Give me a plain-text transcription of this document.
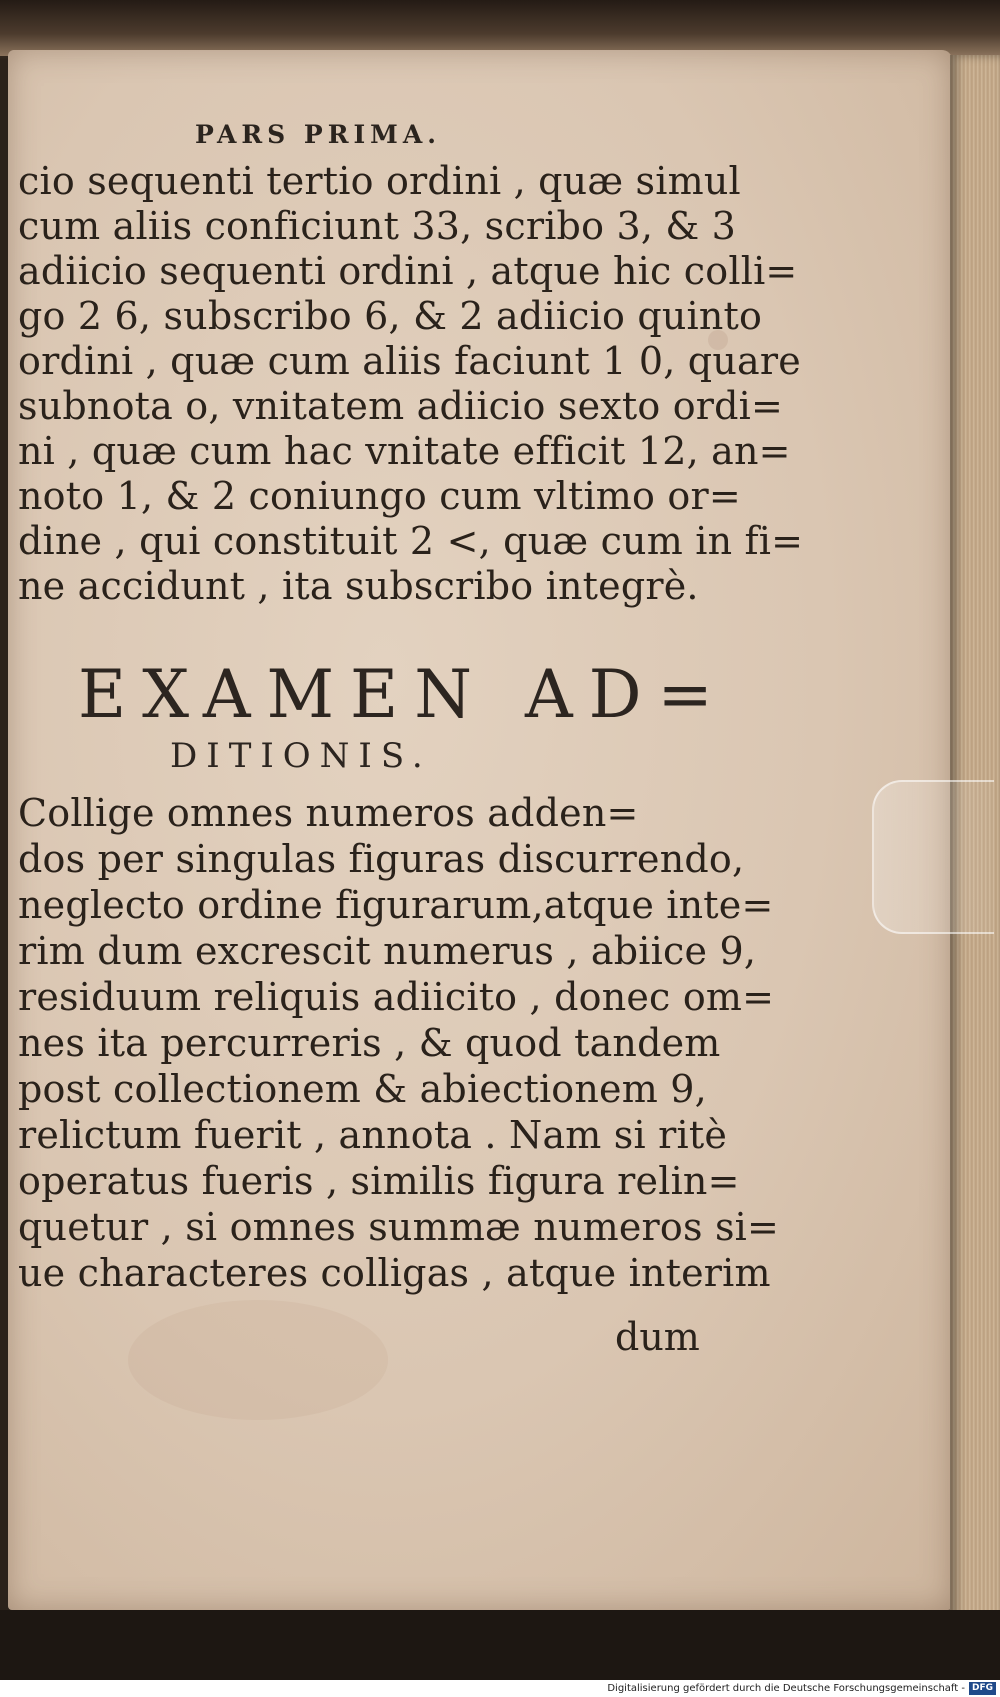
PARS PRIMA.
cio sequenti tertio ordini , quæ simul
cum aliis conficiunt 33, scribo 3, & 3
adiicio sequenti ordini , atque hic colli=
go 2 6, subscribo 6, & 2 adiicio quinto
ordini , quæ cum aliis faciunt 1 0, quare
subnota o, vnitatem adiicio sexto ordi=
ni , quæ cum hac vnitate efficit 12, an=
noto 1, & 2 coniungo cum vltimo or=
dine , qui constituit 2 <, quæ cum in fi=
ne accidunt , ita subscribo integrè.
EXAMEN AD=
DITIONIS.
Collige omnes numeros adden=
dos per singulas figuras discurrendo,
neglecto ordine figurarum,atque inte=
rim dum excrescit numerus , abiice 9,
residuum reliquis adiicito , donec om=
nes ita percurreris , & quod tandem
post collectionem & abiectionem 9,
relictum fuerit , annota . Nam si ritè
operatus fueris , similis figura relin=
quetur , si omnes summæ numeros si=
ue characteres colligas , atque interim
dum
Digitalisierung gefördert durch die Deutsche Forschungsgemeinschaft - DFG
